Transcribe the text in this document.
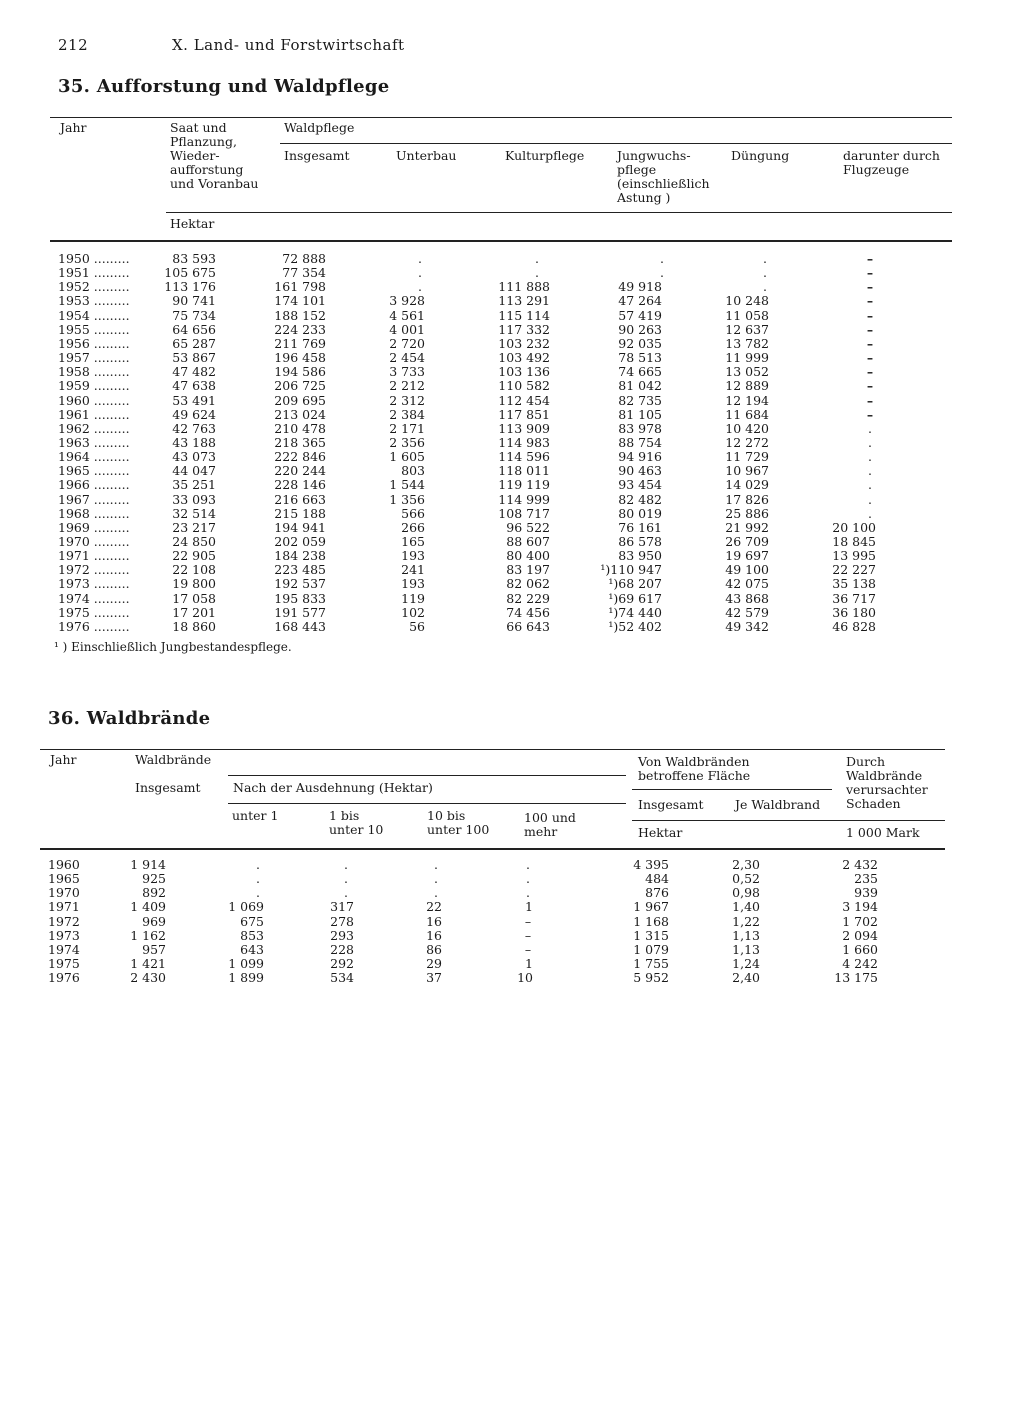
212	X. Land- und Forstwirtschaft
35. Aufforstung und Waldpflege
Jahr	Saat und
Pflanzung,
Wieder-
aufforstung
und Voranbau
Waldpflege
Insgesamt	Unterbau	Kulturpflege	Jungwuchs-
pflege
(einschließlich
Astung )
Düngung	darunter durch
Flugzeuge
Hektar
1950 .........	83 593	72 888	.	.	.	.	–
1951 .........	105 675	77 354	.	.	.	.	–
1952 .........	113 176	161 798	.	111 888	49 918	.	–
1953 .........	90 741	174 101	3 928	113 291	47 264	10 248	–
1954 .........	75 734	188 152	4 561	115 114	57 419	11 058	–
1955 .........	64 656	224 233	4 001	117 332	90 263	12 637	–
1956 .........	65 287	211 769	2 720	103 232	92 035	13 782	–
1957 .........	53 867	196 458	2 454	103 492	78 513	11 999	–
1958 .........	47 482	194 586	3 733	103 136	74 665	13 052	–
1959 .........	47 638	206 725	2 212	110 582	81 042	12 889	–
1960 .........	53 491	209 695	2 312	112 454	82 735	12 194	–
1961 .........	49 624	213 024	2 384	117 851	81 105	11 684	–
1962 .........	42 763	210 478	2 171	113 909	83 978	10 420	.
1963 .........	43 188	218 365	2 356	114 983	88 754	12 272	.
1964 .........	43 073	222 846	1 605	114 596	94 916	11 729	.
1965 .........	44 047	220 244	803	118 011	90 463	10 967	.
1966 .........	35 251	228 146	1 544	119 119	93 454	14 029	.
1967 .........	33 093	216 663	1 356	114 999	82 482	17 826	.
1968 .........	32 514	215 188	566	108 717	80 019	25 886	.
1969 .........	23 217	194 941	266	96 522	76 161	21 992	20 100
1970 .........	24 850	202 059	165	88 607	86 578	26 709	18 845
1971 .........	22 905	184 238	193	80 400	83 950	19 697	13 995
1972 .........	22 108	223 485	241	83 197	¹)110 947	49 100	22 227
1973 .........	19 800	192 537	193	82 062	¹)68 207	42 075	35 138
1974 .........	17 058	195 833	119	82 229	¹)69 617	43 868	36 717
1975 .........	17 201	191 577	102	74 456	¹)74 440	42 579	36 180
1976 .........	18 860	168 443	56	66 643	¹)52 402	49 342	46 828
¹ ) Einschließlich Jungbestandespflege.
36. Waldbrände
Jahr	Waldbrände
Insgesamt	Nach der Ausdehnung (Hektar)
unter 1	1 bis
unter 10
10 bis
unter 100
100 und
mehr
Von Waldbränden
betroffene Fläche
Insgesamt	Je Waldbrand
Durch
Waldbrände
verursachter
Schaden
Hektar	1 000 Mark
1960	1 914	.	.	.	.	4 395	2,30	2 432
1965	925	.	.	.	.	484	0,52	235
1970	892	.	.	.	.	876	0,98	939
1971	1 409	1 069	317	22	1	1 967	1,40	3 194
1972	969	675	278	16	–	1 168	1,22	1 702
1973	1 162	853	293	16	–	1 315	1,13	2 094
1974	957	643	228	86	–	1 079	1,13	1 660
1975	1 421	1 099	292	29	1	1 755	1,24	4 242
1976	2 430	1 899	534	37	10	5 952	2,40	13 175
